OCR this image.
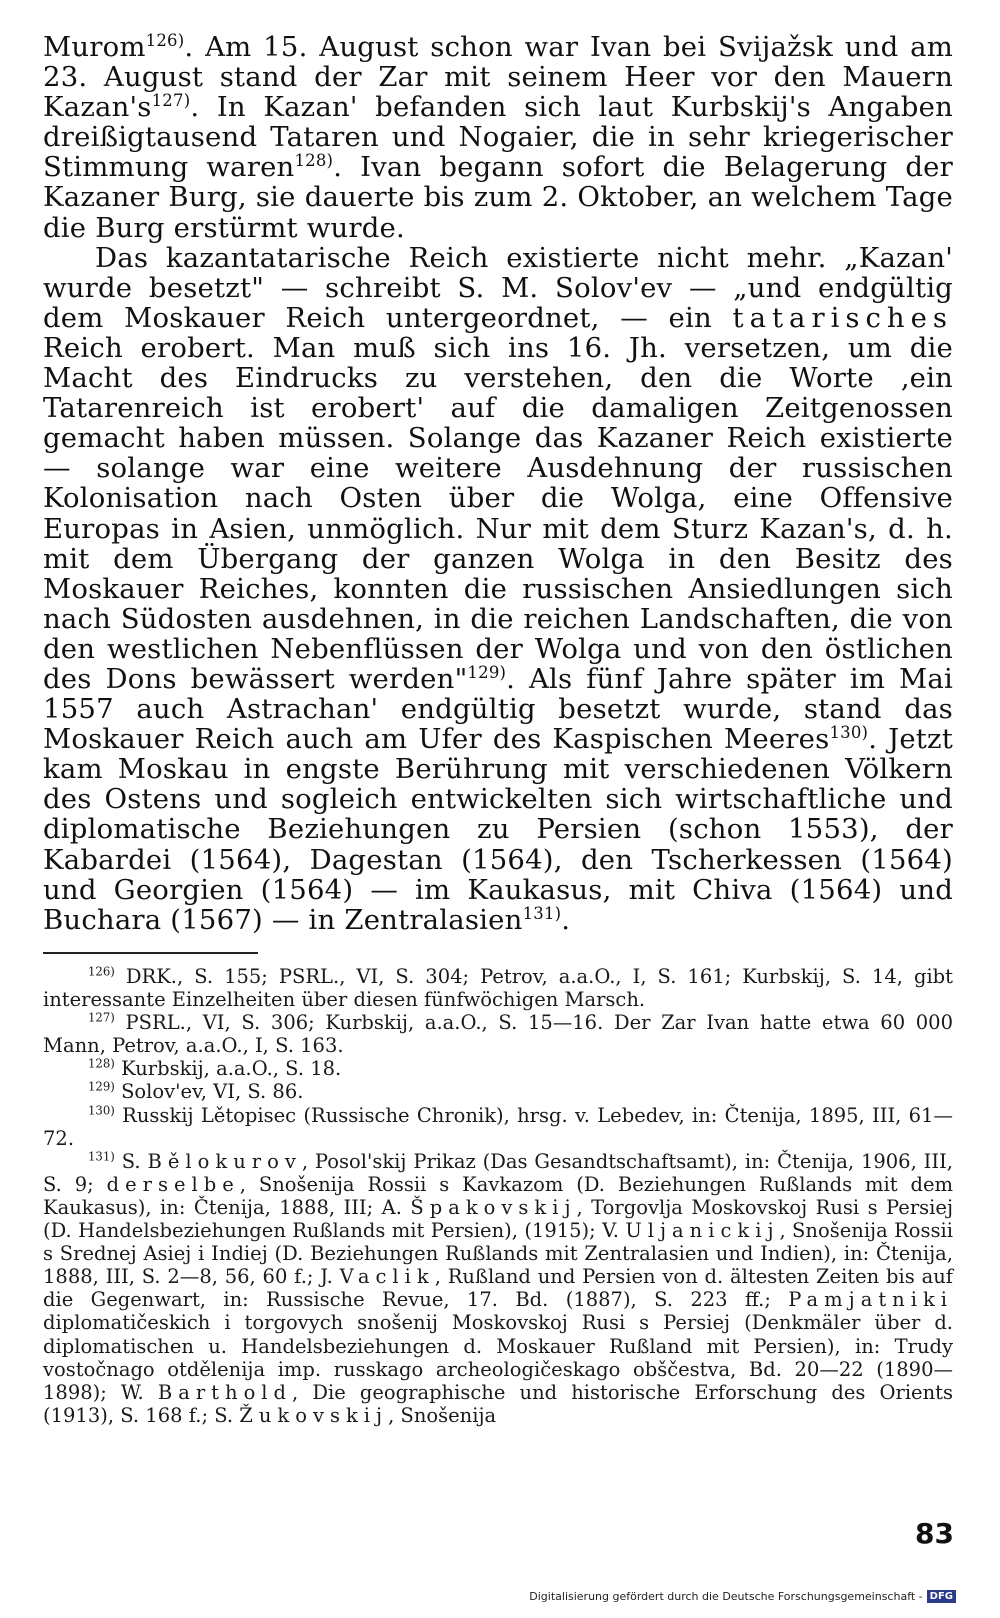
Murom$^{126)}$. Am 15. August schon war Ivan bei Svijažsk und am 23. August stand der Zar mit seinem Heer vor den Mauern $Kazan's^{127)}$. In Kazan' befanden sich laut Kurbskij's Angaben dreißigtausend Tataren und Nogaier, die in sehr kriegerischer Stimmung waren$^{128)}$. Ivan begann sofort die Belagerung der Kazaner Burg, sie dauerte bis zum 2. Oktober, an welchem Tage die Burg erstürmt wurde.

Das kazantatarische Reich existierte nicht mehr. „Kazan' wurde besetzt" — schreibt S. M. Solov'ev — „und endgültig dem Moskauer Reich untergeordnet, — ein tatarisches Reich erobert. Man muß sich ins 16. Jh. versetzen, um die Macht des Eindrucks zu verstehen, den die Worte ‚ein Tatarenreich ist erobert' auf die damaligen Zeitgenossen gemacht haben müssen. Solange das Kazaner Reich existierte — solange war eine weitere Ausdehnung der russischen Kolonisation nach Osten über die Wolga, eine Offensive Europas in Asien, unmöglich. Nur mit dem Sturz Kazan's, d. h. mit dem Übergang der ganzen Wolga in den Besitz des Moskauer Reiches, konnten die russischen Ansiedlungen sich nach Südosten ausdehnen, in die reichen Landschaften, die von den westlichen Nebenflüssen der Wolga und von den östlichen des Dons bewässert werden"$^{129)}$. Als fünf Jahre später im Mai 1557 auch Astrachan' endgültig besetzt wurde, stand das Moskauer Reich auch am Ufer des Kaspischen Meeres$^{130)}$. Jetzt kam Moskau in engste Berührung mit verschiedenen Völkern des Ostens und sogleich entwickelten sich wirtschaftliche und diplomatische Beziehungen zu Persien (schon 1553), der Kabardei (1564), Dagestan (1564), den Tscherkessen (1564) und Georgien (1564) — im Kaukasus, mit Chiva (1564) und Buchara (1567) — in Zentralasien$^{131)}$.

$^{126)}$ DRK., S. 155; PSRL., VI, S. 304; Petrov, a.a.O., I, S. 161; Kurbskij, S. 14, gibt interessante Einzelheiten über diesen fünfwöchigen Marsch.

$^{127)}$ PSRL., VI, S. 306; Kurbskij, a.a.O., S. 15—16. Der Zar Ivan hatte etwa 60 000 Mann, Petrov, a.a.O., I, S. 163.

$^{128)}$ Kurbskij, a.a.O., S. 18.

$^{129)}$ Solov'ev, VI, S. 86.

$^{130)}$ Russkij Lětopisec (Russische Chronik), hrsg. v. Lebedev, in: Čtenija, 1895, III, 61—72.

$^{131)}$ S. Bělokurov, Posol'skij Prikaz (Das Gesandtschaftsamt), in: Čtenija, 1906, III, S. 9; derselbe, Snošenija Rossii s Kavkazom (D. Beziehungen Rußlands mit dem Kaukasus), in: Čtenija, 1888, III; A. Špakovskij, Torgovlja Moskovskoj Rusi s Persiej (D. Handelsbeziehungen Rußlands mit Persien), (1915); V. Uljanickij, Snošenija Rossii s Srednej Asiej i Indiej (D. Beziehungen Rußlands mit Zentralasien und Indien), in: Čtenija, 1888, III, S. 2—8, 56, 60 f.; J. Vaclik, Rußland und Persien von d. ältesten Zeiten bis auf die Gegenwart, in: Russische Revue, 17. Bd. (1887), S. 223 ff.; Pamjatniki diplomatičeskich i torgovych snošenij Moskovskoj Rusi s Persiej (Denkmäler über d. diplomatischen u. Handelsbeziehungen d. Moskauer Rußland mit Persien), in: Trudy vostočnago otdělenija imp. russkago archeologičeskago obščestva, Bd. 20—22 (1890—1898); W. Barthold, Die geographische und historische Erforschung des Orients (1913), S. 168 f.; S. Žukovskij, Snošenija

83
Digitalisierung gefördert durch die Deutsche Forschungsgemeinschaft - DFG
